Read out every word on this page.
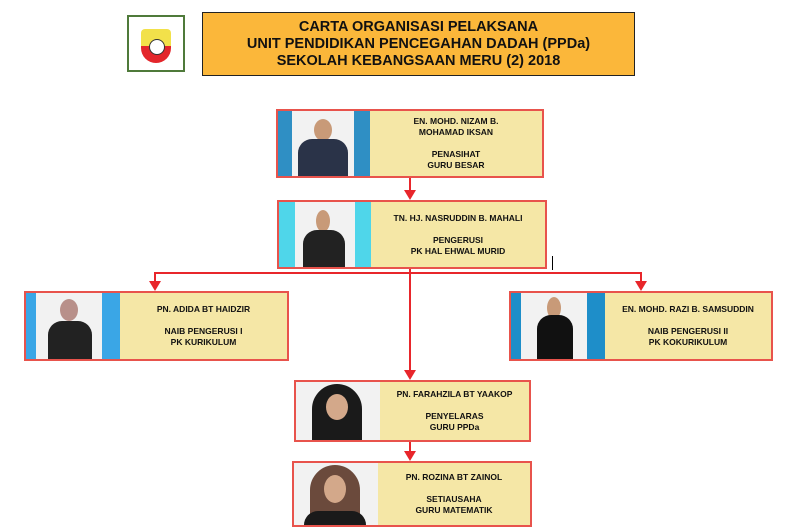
CARTA ORGANISASI PELAKSANA
UNIT PENDIDIKAN PENCEGAHAN DADAH (PPDa)
SEKOLAH KEBANGSAAN MERU (2) 2018
EN. MOHD. NIZAM B. MOHAMAD IKSAN
PENASIHAT
GURU BESAR
TN. HJ. NASRUDDIN B. MAHALI
PENGERUSI
PK HAL EHWAL MURID
PN. ADIDA BT HAIDZIR
NAIB PENGERUSI I
PK KURIKULUM
EN. MOHD. RAZI B. SAMSUDDIN
NAIB PENGERUSI II
PK KOKURIKULUM
PN. FARAHZILA BT YAAKOP
PENYELARAS
GURU PPDa
PN. ROZINA BT ZAINOL
SETIAUSAHA
GURU MATEMATIK
